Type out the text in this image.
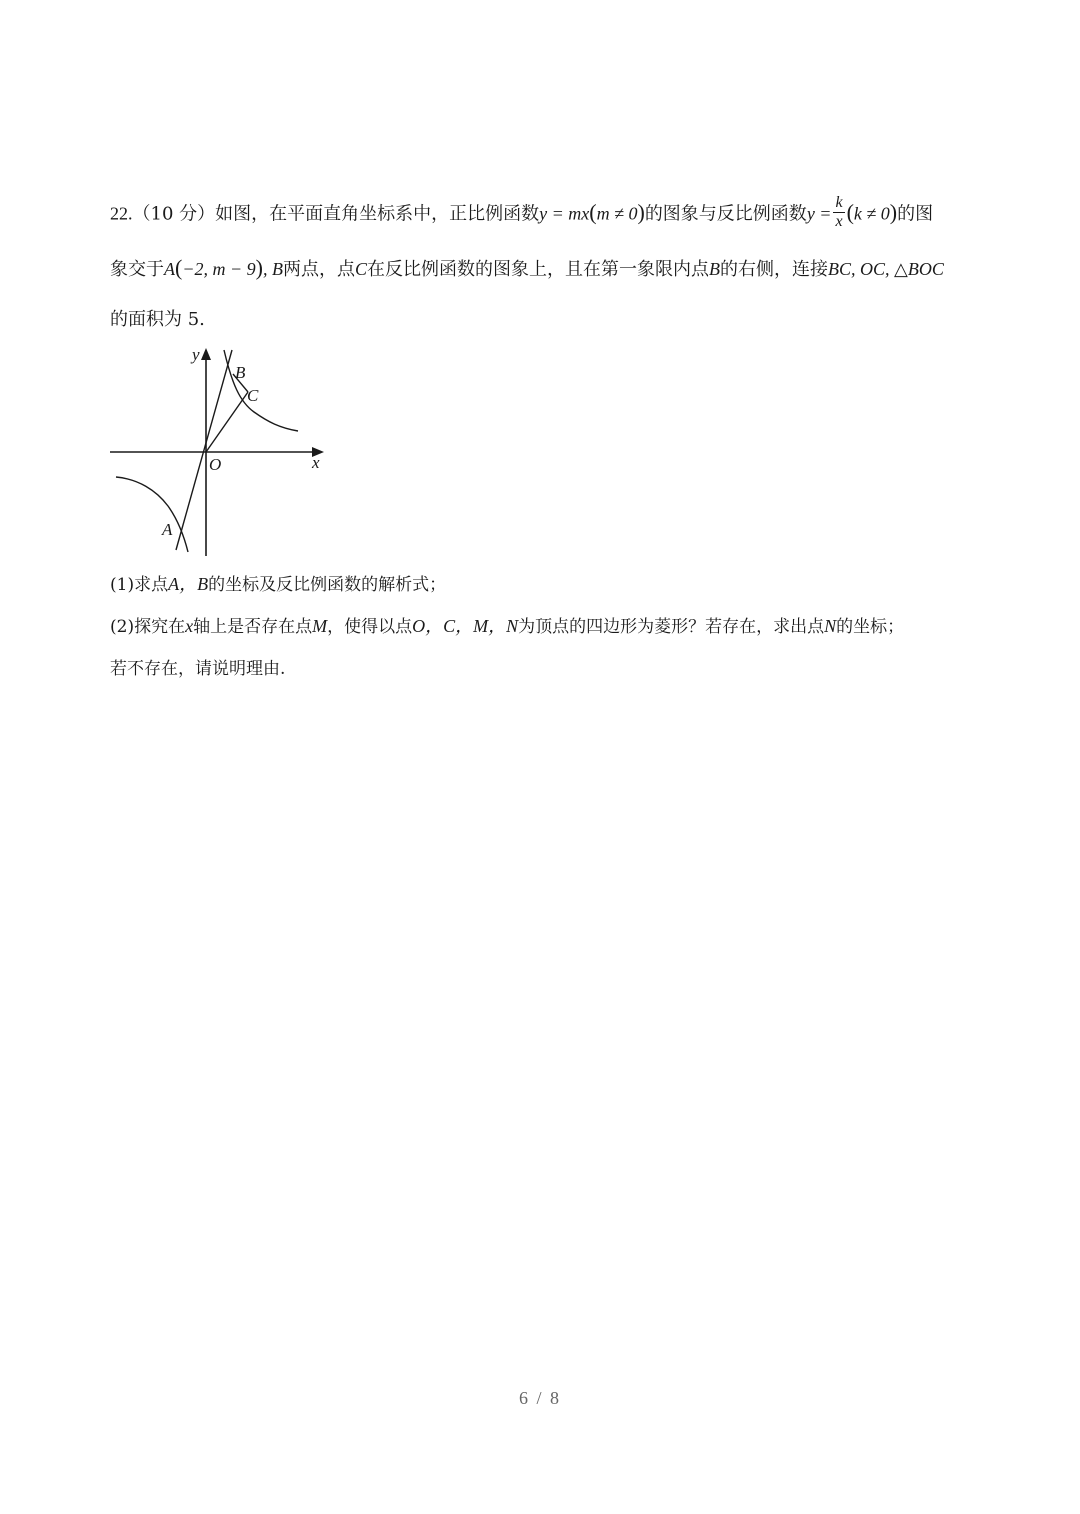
22.（10 分）如图，在平面直角坐标系中，正比例函数y = mx(m ≠ 0)的图象与反比例函数$y = \frac{k}{x} (k \ne 0)$的图
象交于A(−2, m − 9), B两点，点C在反比例函数的图象上，且在第一象限内点B的右侧，连接BC, OC, △BOC
的面积为 5.
y
x
O
B
C
A
(1)求点A，B的坐标及反比例函数的解析式；
(2)探究在x轴上是否存在点M，使得以点O，C，M，N为顶点的四边形为菱形？若存在，求出点N的坐标；
若不存在，请说明理由.
6 / 8
